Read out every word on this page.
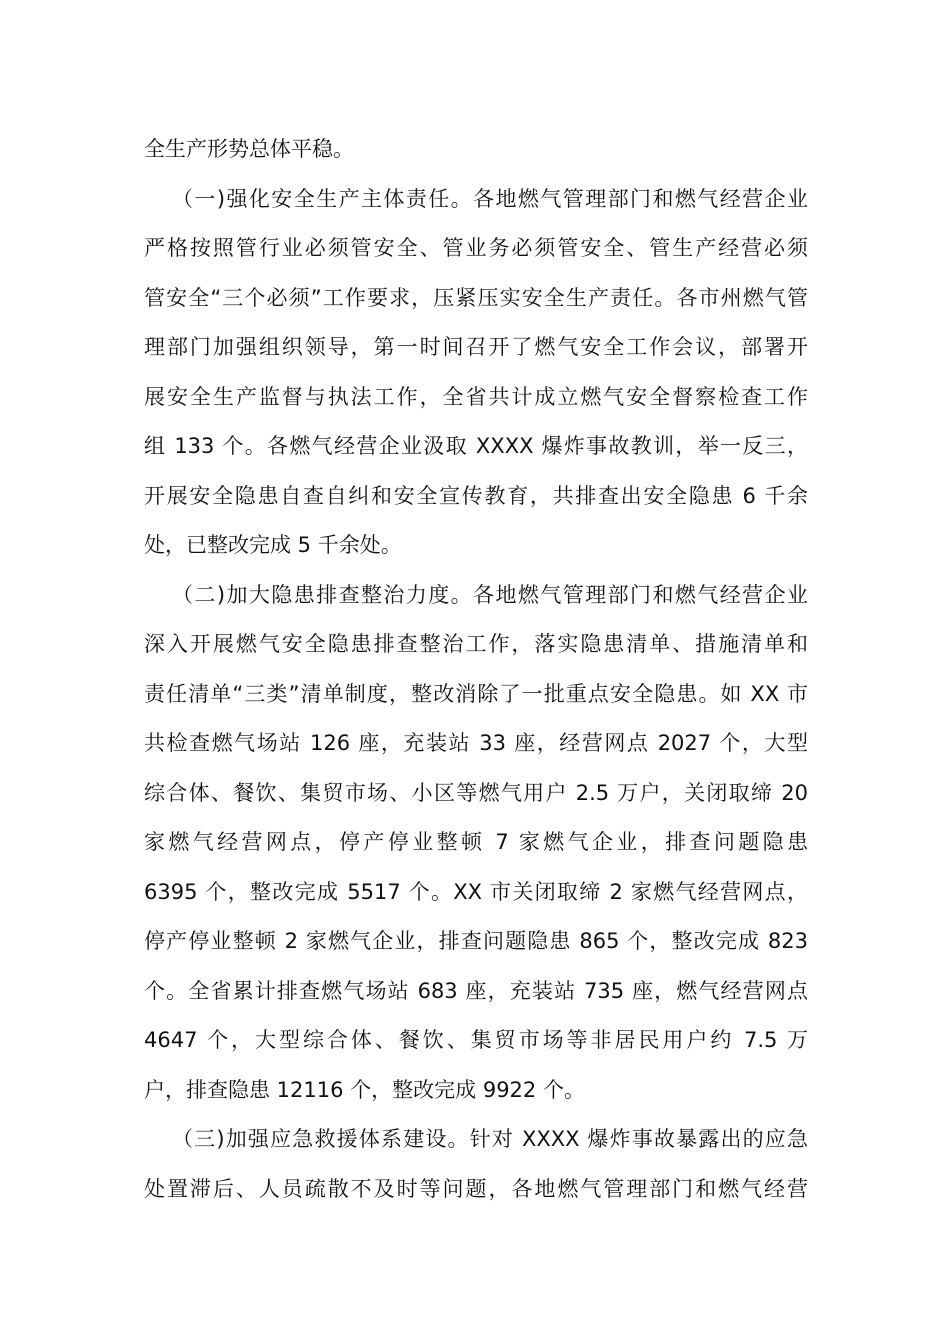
全生产形势总体平稳。
（一)强化安全生产主体责任。各地燃气管理部门和燃气经营企业
严格按照管行业必须管安全、管业务必须管安全、管生产经营必须
管安全“三个必须”工作要求，压紧压实安全生产责任。各市州燃气管
理部门加强组织领导，第一时间召开了燃气安全工作会议，部署开
展安全生产监督与执法工作，全省共计成立燃气安全督察检查工作
组 133 个。各燃气经营企业汲取 XXXX 爆炸事故教训，举一反三，
开展安全隐患自查自纠和安全宣传教育，共排查出安全隐患 6 千余
处，已整改完成 5 千余处。
（二)加大隐患排查整治力度。各地燃气管理部门和燃气经营企业
深入开展燃气安全隐患排查整治工作，落实隐患清单、措施清单和
责任清单“三类”清单制度，整改消除了一批重点安全隐患。如 XX 市
共检查燃气场站 126 座，充装站 33 座，经营网点 2027 个，大型
综合体、餐饮、集贸市场、小区等燃气用户 2.5 万户，关闭取缔 20
家燃气经营网点，停产停业整顿 7 家燃气企业，排查问题隐患
6395 个，整改完成 5517 个。XX 市关闭取缔 2 家燃气经营网点，
停产停业整顿 2 家燃气企业，排查问题隐患 865 个，整改完成 823
个。全省累计排查燃气场站 683 座，充装站 735 座，燃气经营网点
4647 个，大型综合体、餐饮、集贸市场等非居民用户约 7.5 万
户，排查隐患 12116 个，整改完成 9922 个。
（三)加强应急救援体系建设。针对 XXXX 爆炸事故暴露出的应急
处置滞后、人员疏散不及时等问题，各地燃气管理部门和燃气经营
